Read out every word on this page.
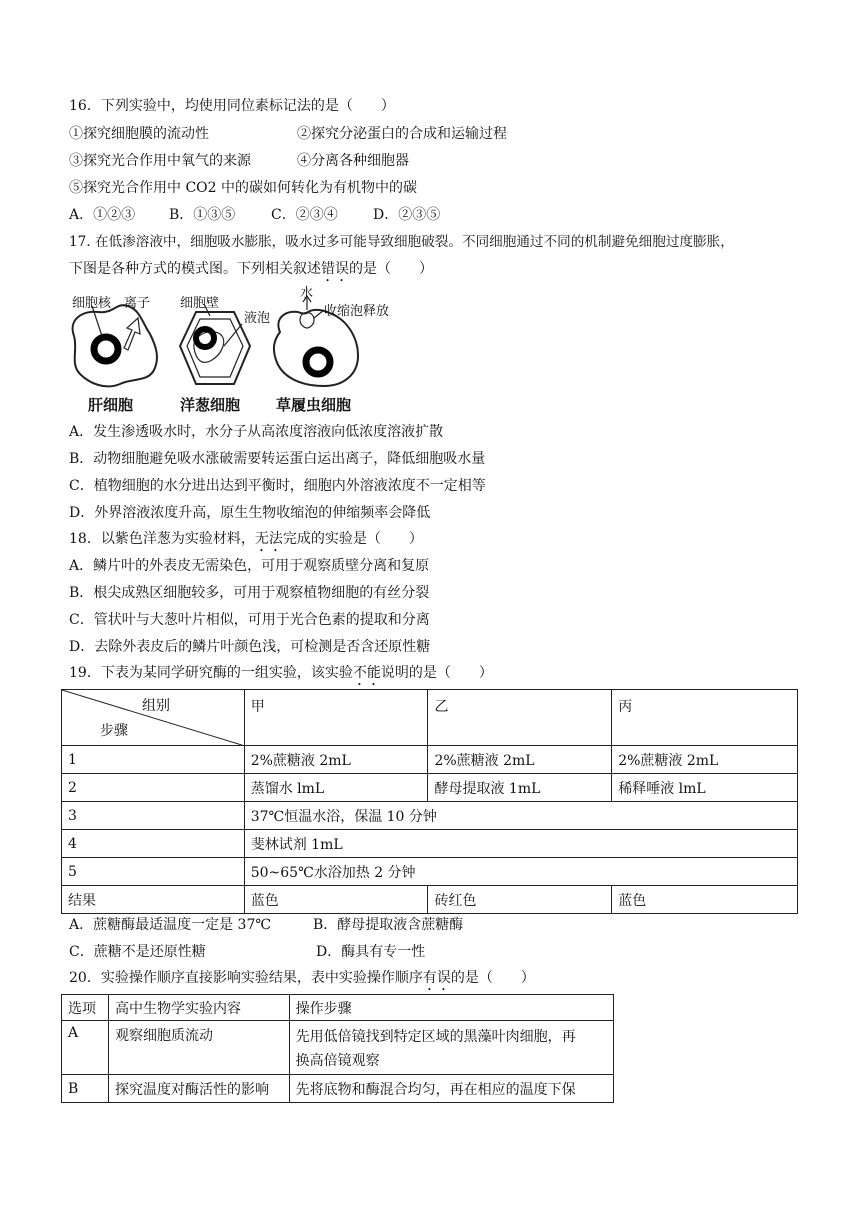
16．下列实验中，均使用同位素标记法的是（　　）
①探究细胞膜的流动性	②探究分泌蛋白的合成和运输过程
③探究光合作用中氧气的来源	④分离各种细胞器
⑤探究光合作用中 CO2 中的碳如何转化为有机物中的碳
A．①②③ B．①③⑤	C．②③④	D．②③⑤
17. 在低渗溶液中，细胞吸水膨胀，吸水过多可能导致细胞破裂。不同细胞通过不同的机制避免细胞过度膨胀，
下图是各种方式的模式图。下列相关叙述错误的是（　　）
细胞核 离子 细胞壁
液泡
水
收缩泡释放
肝细胞	洋葱细胞 草履虫细胞
A．发生渗透吸水时，水分子从高浓度溶液向低浓度溶液扩散
B．动物细胞避免吸水涨破需要转运蛋白运出离子，降低细胞吸水量
C．植物细胞的水分进出达到平衡时，细胞内外溶液浓度不一定相等
D．外界溶液浓度升高，原生生物收缩泡的伸缩频率会降低
18．以紫色洋葱为实验材料，无法完成的实验是（　　）
A．鳞片叶的外表皮无需染色，可用于观察质壁分离和复原
B．根尖成熟区细胞较多，可用于观察植物细胞的有丝分裂
C．管状叶与大葱叶片相似，可用于光合色素的提取和分离
D．去除外表皮后的鳞片叶颜色浅，可检测是否含还原性糖
19．下表为某同学研究酶的一组实验，该实验不能说明的是（　　）
组别
步骤	甲	乙	丙
1	2%蔗糖液 2mL	2%蔗糖液 2mL	2%蔗糖液 2mL
2	蒸馏水 lmL	酵母提取液 1mL	稀释唾液 lmL
3	37℃恒温水浴，保温 10 分钟		
4	斐林试剂 1mL		
5	50~65℃水浴加热 2 分钟		
结果	蓝色	砖红色	蓝色
A．蔗糖酶最适温度一定是 37℃	B．酵母提取液含蔗糖酶
C．蔗糖不是还原性糖	D．酶具有专一性
20．实验操作顺序直接影响实验结果，表中实验操作顺序有误的是（　　）
选项	高中生物学实验内容	操作步骤
A	观察细胞质流动	先用低倍镜找到特定区域的黑藻叶肉细胞，再
换高倍镜观察

B	探究温度对酶活性的影响	先将底物和酶混合均匀，再在相应的温度下保
